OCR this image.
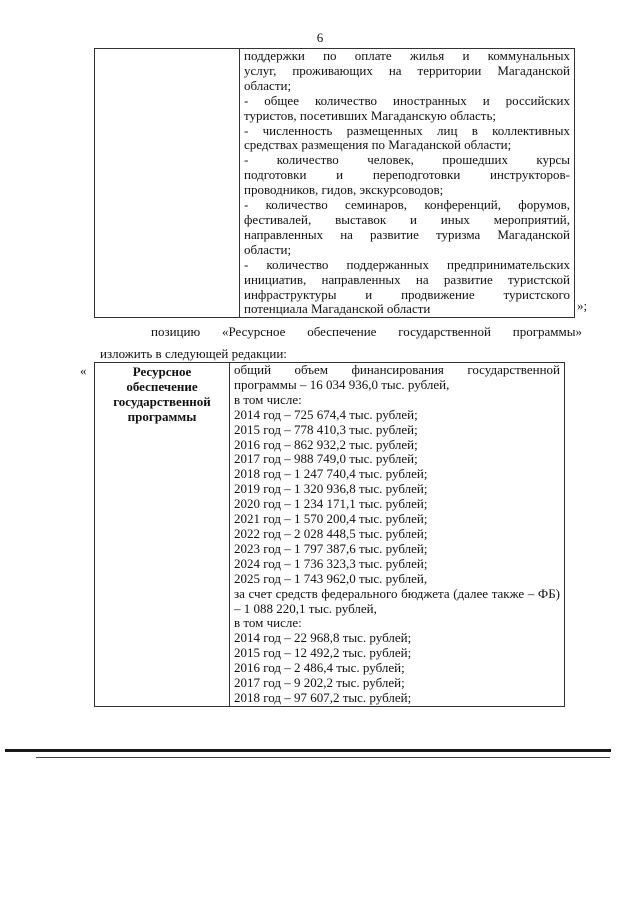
6

поддержки по оплате жилья и коммунальных
услуг, проживающих на территории Магаданской
области;
- общее количество иностранных и российских
туристов, посетивших Магаданскую область;
- численность размещенных лиц в коллективных
средствах размещения по Магаданской области;
- количество человек, прошедших курсы
подготовки и переподготовки инструкторов-
проводников, гидов, экскурсоводов;
- количество семинаров, конференций, форумов,
фестивалей, выставок и иных мероприятий,
направленных на развитие туризма Магаданской
области;
- количество поддержанных предпринимательских
инициатив, направленных на развитие туристской
инфраструктуры и продвижение туристского
потенциала Магаданской области	»;
позицию «Ресурсное обеспечение государственной программы»
изложить в следующей редакции:
«	Ресурсное обеспечение государственной программы	
общий объем финансирования государственной программы – 16 034 936,0 тыс. рублей,
в том числе:
2014 год – 725 674,4 тыс. рублей;
2015 год – 778 410,3 тыс. рублей;
2016 год – 862 932,2 тыс. рублей;
2017 год – 988 749,0 тыс. рублей;
2018 год – 1 247 740,4 тыс. рублей;
2019 год – 1 320 936,8 тыс. рублей;
2020 год – 1 234 171,1 тыс. рублей;
2021 год – 1 570 200,4 тыс. рублей;
2022 год – 2 028 448,5 тыс. рублей;
2023 год – 1 797 387,6 тыс. рублей;
2024 год – 1 736 323,3 тыс. рублей;
2025 год – 1 743 962,0 тыс. рублей,
за счет средств федерального бюджета (далее также – ФБ) – 1 088 220,1 тыс. рублей,
в том числе:
2014 год – 22 968,8 тыс. рублей;
2015 год – 12 492,2 тыс. рублей;
2016 год – 2 486,4 тыс. рублей;
2017 год – 9 202,2 тыс. рублей;
2018 год – 97 607,2 тыс. рублей;
